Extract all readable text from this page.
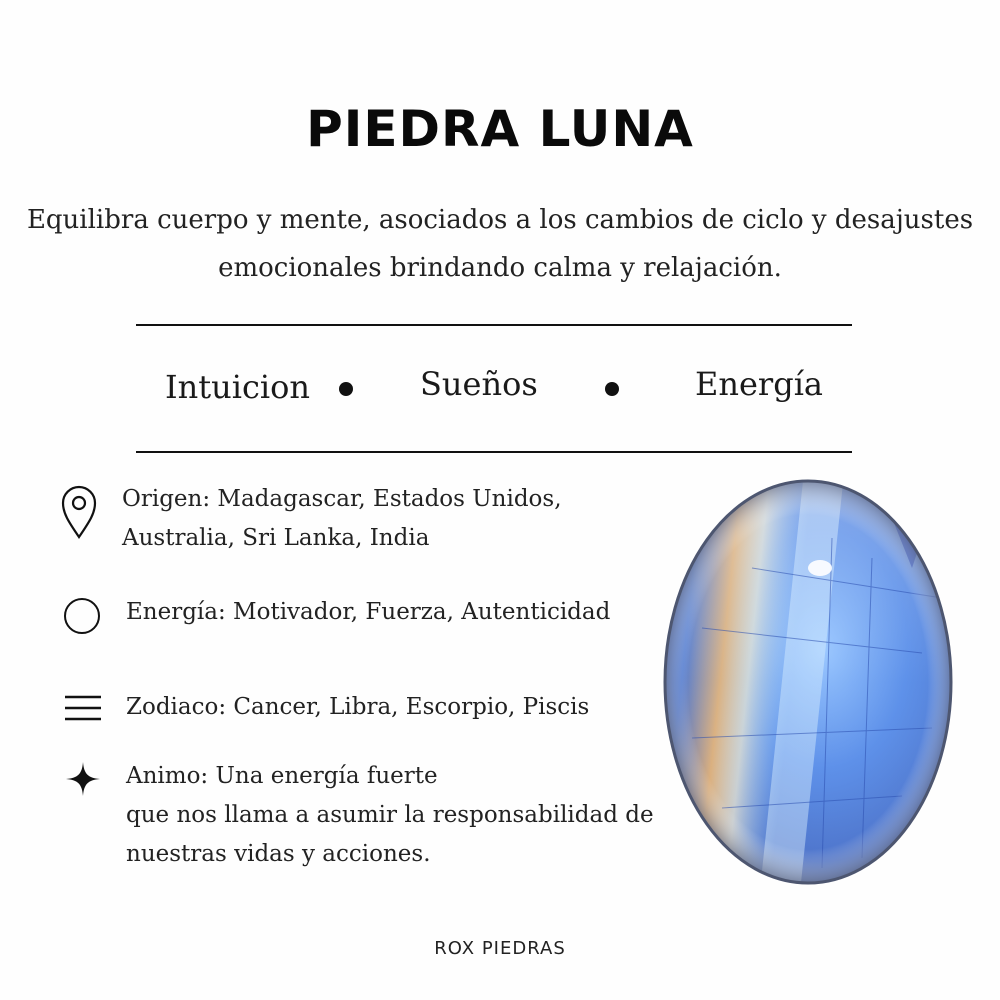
PIEDRA LUNA

Equilibra cuerpo y mente, asociados a los cambios de ciclo y desajustes
emocionales brindando calma y relajación.

Intuicion	Sueños	Energía

Origen: Madagascar, Estados Unidos,
Australia, Sri Lanka, India

Energía: Motivador, Fuerza, Autenticidad

Zodiaco: Cancer, Libra, Escorpio, Piscis

Animo: Una energía fuerte
que nos llama a asumir la responsabilidad de
nuestras vidas y acciones.

ROX PIEDRAS
